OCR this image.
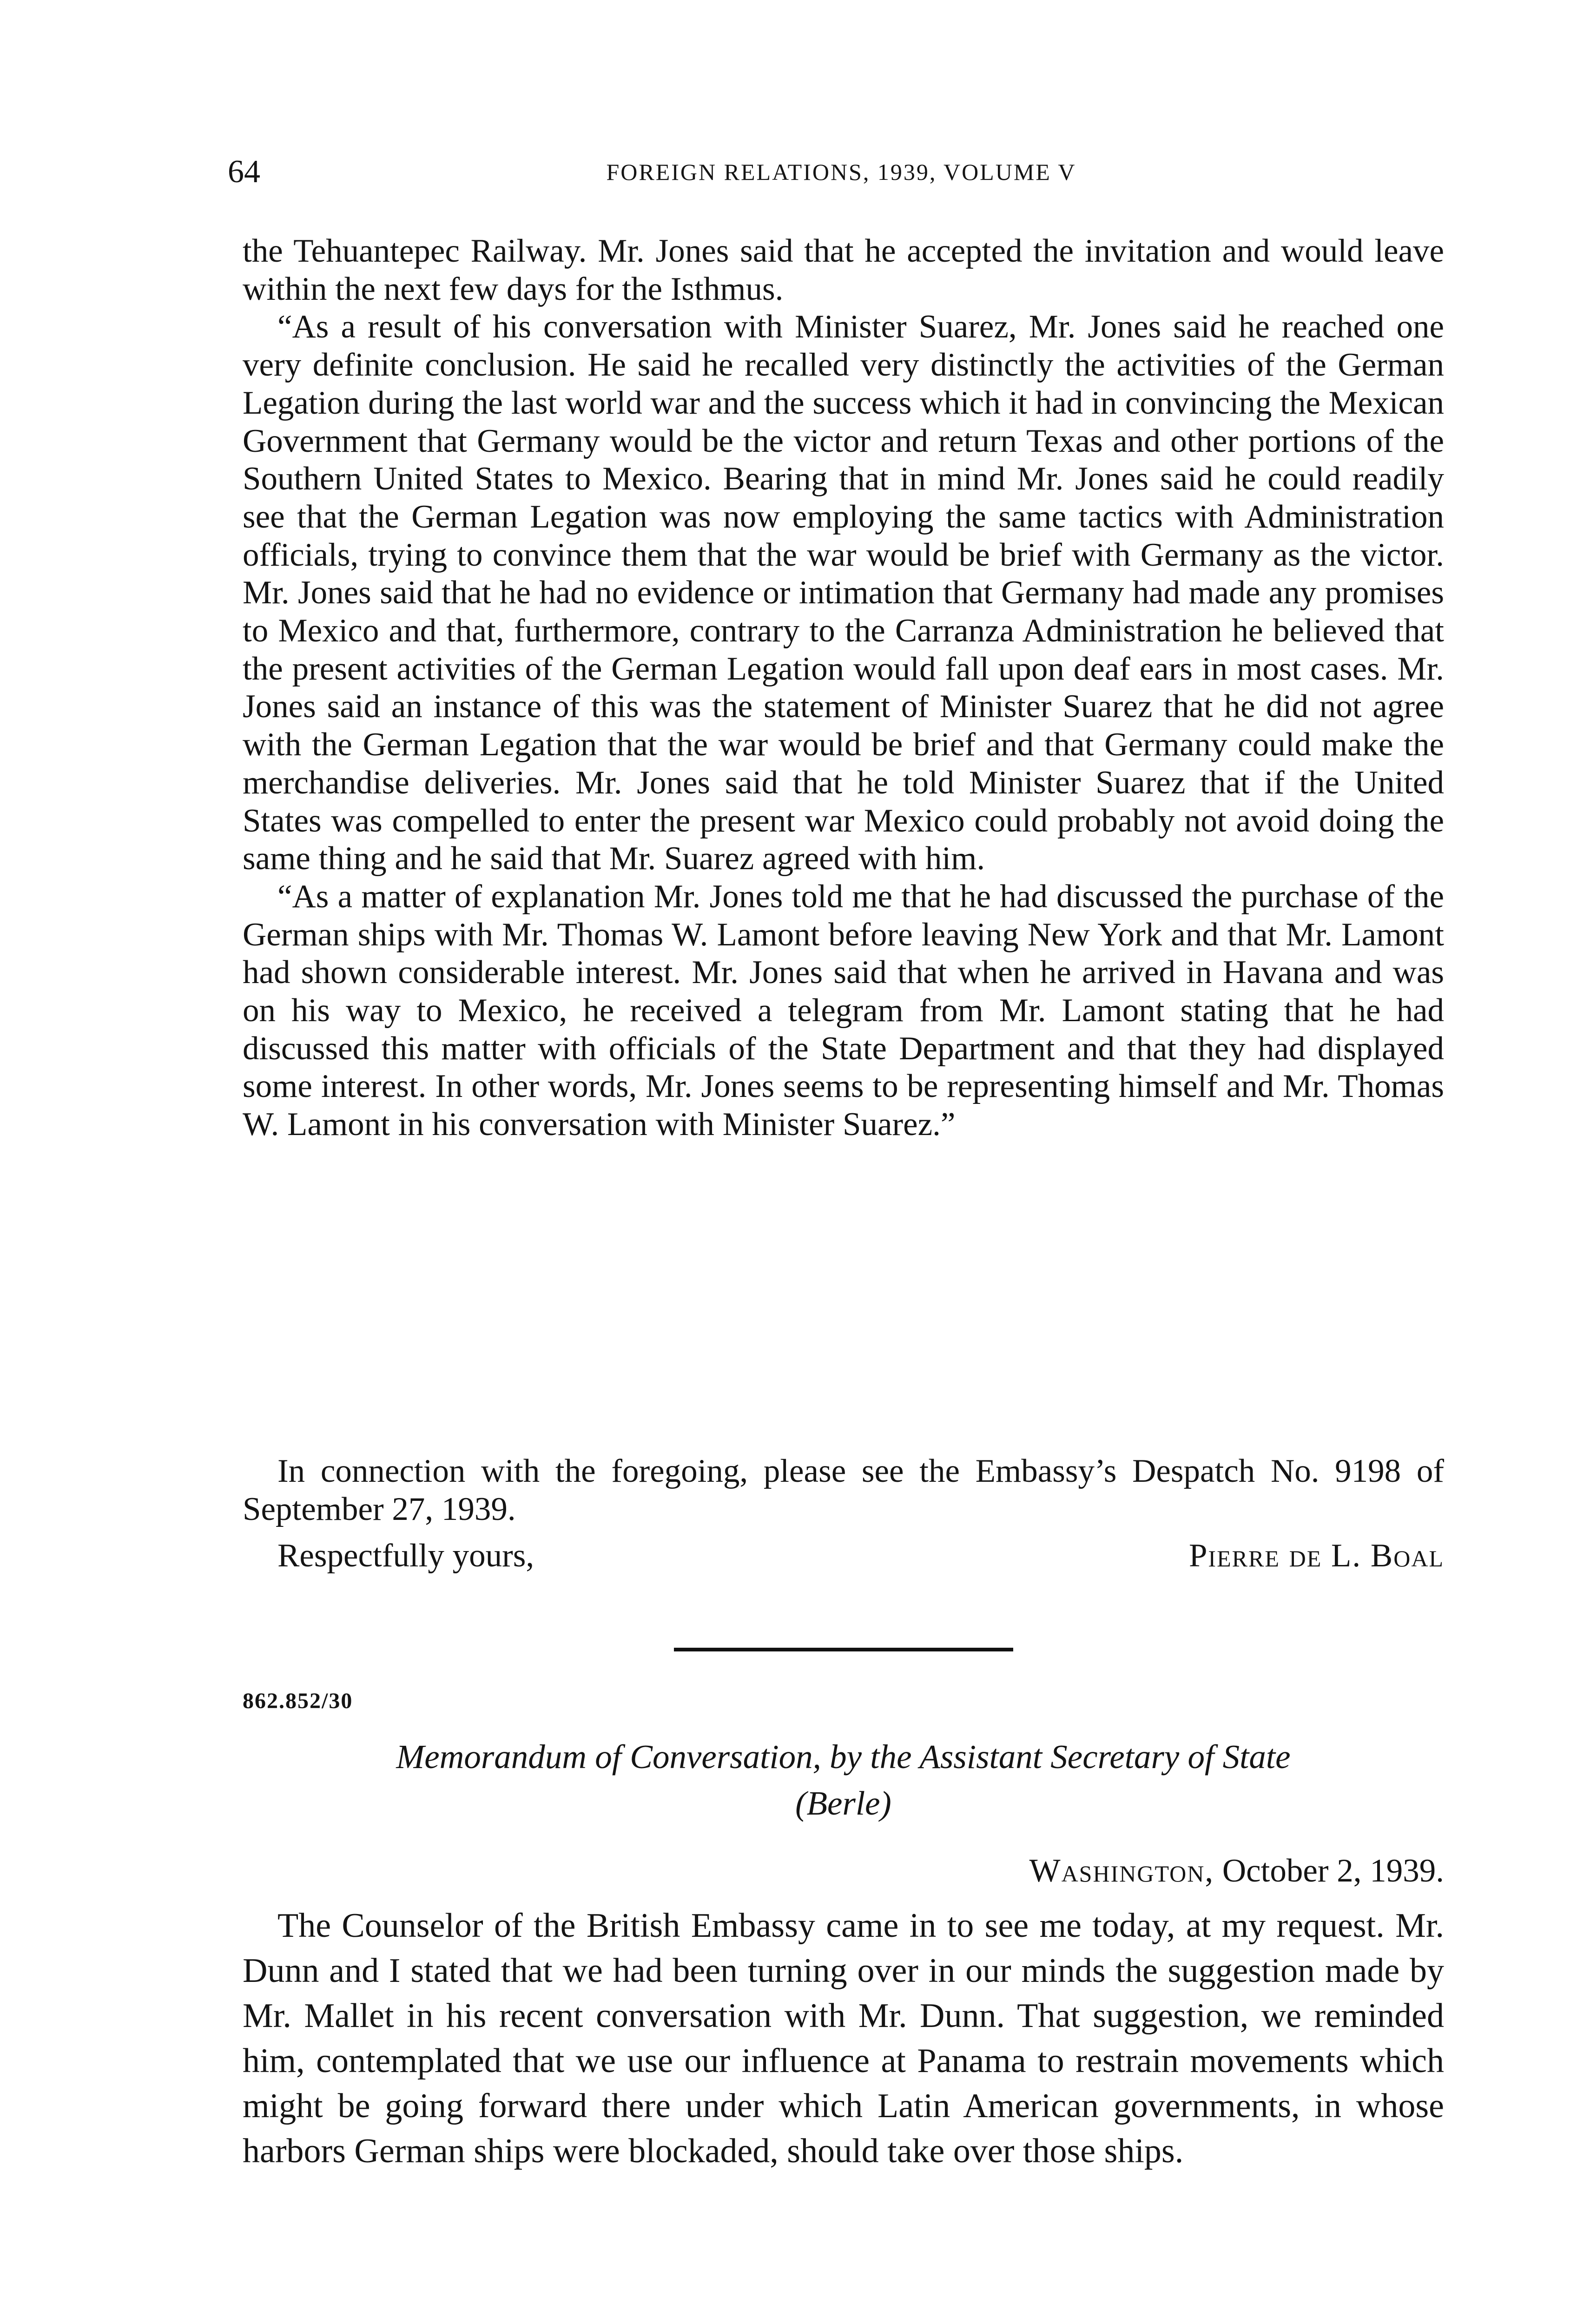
64	FOREIGN RELATIONS, 1939, VOLUME V

the Tehuantepec Railway. Mr. Jones said that he accepted the invitation and would leave within the next few days for the Isthmus.

“As a result of his conversation with Minister Suarez, Mr. Jones said he reached one very definite conclusion. He said he recalled very distinctly the activities of the German Legation during the last world war and the success which it had in convincing the Mexican Government that Germany would be the victor and return Texas and other portions of the Southern United States to Mexico. Bearing that in mind Mr. Jones said he could readily see that the German Legation was now employing the same tactics with Administration officials, trying to convince them that the war would be brief with Germany as the victor. Mr. Jones said that he had no evidence or intimation that Germany had made any promises to Mexico and that, furthermore, contrary to the Carranza Administration he believed that the present activities of the German Legation would fall upon deaf ears in most cases. Mr. Jones said an instance of this was the statement of Minister Suarez that he did not agree with the German Legation that the war would be brief and that Germany could make the merchandise deliveries. Mr. Jones said that he told Minister Suarez that if the United States was compelled to enter the present war Mexico could probably not avoid doing the same thing and he said that Mr. Suarez agreed with him.

“As a matter of explanation Mr. Jones told me that he had discussed the purchase of the German ships with Mr. Thomas W. Lamont before leaving New York and that Mr. Lamont had shown considerable interest. Mr. Jones said that when he arrived in Havana and was on his way to Mexico, he received a telegram from Mr. Lamont stating that he had discussed this matter with officials of the State Department and that they had displayed some interest. In other words, Mr. Jones seems to be representing himself and Mr. Thomas W. Lamont in his conversation with Minister Suarez.”

In connection with the foregoing, please see the Embassy’s Despatch No. 9198 of September 27, 1939.

Respectfully yours,	Pierre de L. Boal
862.852/30
Memorandum of Conversation, by the Assistant Secretary of State
(Berle)
Washington, October 2, 1939.

The Counselor of the British Embassy came in to see me today, at my request. Mr. Dunn and I stated that we had been turning over in our minds the suggestion made by Mr. Mallet in his recent conversation with Mr. Dunn. That suggestion, we reminded him, contemplated that we use our influence at Panama to restrain movements which might be going forward there under which Latin American governments, in whose harbors German ships were blockaded, should take over those ships.
